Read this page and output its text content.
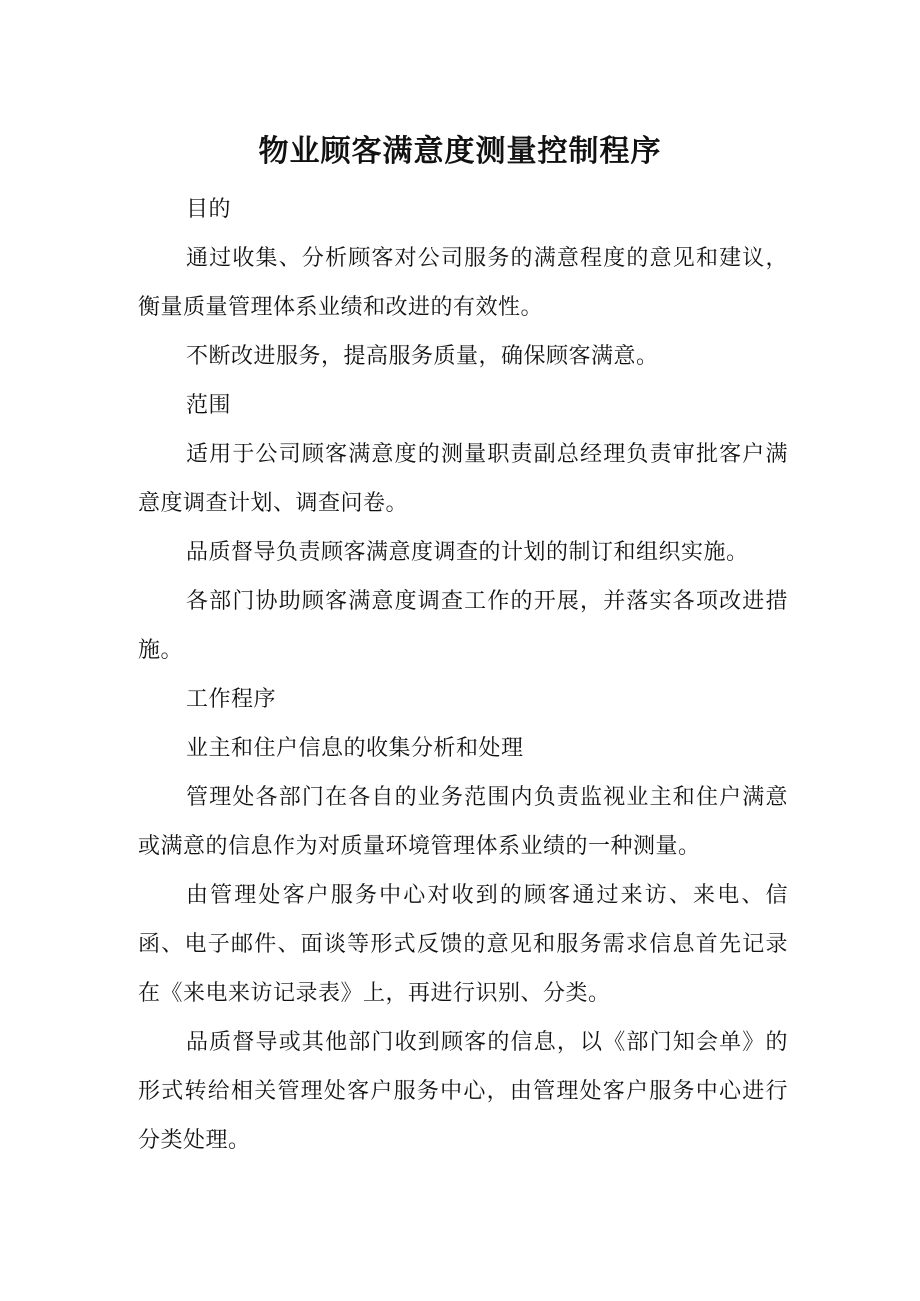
物业顾客满意度测量控制程序

目的

通过收集、分析顾客对公司服务的满意程度的意见和建议，衡量质量管理体系业绩和改进的有效性。

不断改进服务，提高服务质量，确保顾客满意。

范围

适用于公司顾客满意度的测量职责副总经理负责审批客户满意度调查计划、调查问卷。

品质督导负责顾客满意度调查的计划的制订和组织实施。

各部门协助顾客满意度调查工作的开展，并落实各项改进措施。

工作程序

业主和住户信息的收集分析和处理

管理处各部门在各自的业务范围内负责监视业主和住户满意或满意的信息作为对质量环境管理体系业绩的一种测量。

由管理处客户服务中心对收到的顾客通过来访、来电、信函、电子邮件、面谈等形式反馈的意见和服务需求信息首先记录在《来电来访记录表》上，再进行识别、分类。

品质督导或其他部门收到顾客的信息，以《部门知会单》的形式转给相关管理处客户服务中心，由管理处客户服务中心进行分类处理。
